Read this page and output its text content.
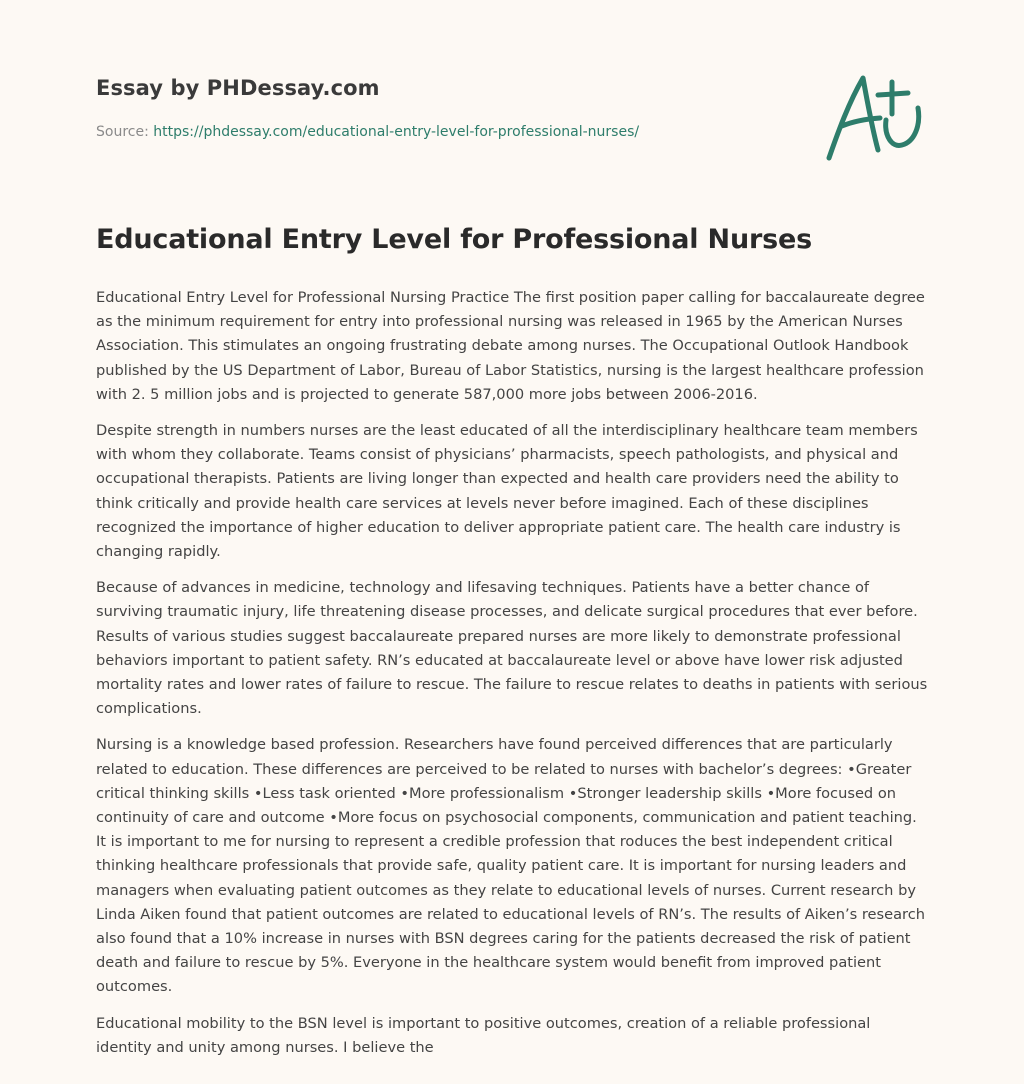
Essay by PHDessay.com
Source: https://phdessay.com/educational-entry-level-for-professional-nurses/
Educational Entry Level for Professional Nurses

Educational Entry Level for Professional Nursing Practice The first position paper calling for baccalaureate degree as the minimum requirement for entry into professional nursing was released in 1965 by the American Nurses Association. This stimulates an ongoing frustrating debate among nurses. The Occupational Outlook Handbook published by the US Department of Labor, Bureau of Labor Statistics, nursing is the largest healthcare profession with 2. 5 million jobs and is projected to generate 587,000 more jobs between 2006-2016.

Despite strength in numbers nurses are the least educated of all the interdisciplinary healthcare team members with whom they collaborate. Teams consist of physicians’ pharmacists, speech pathologists, and physical and occupational therapists. Patients are living longer than expected and health care providers need the ability to think critically and provide health care services at levels never before imagined. Each of these disciplines recognized the importance of higher education to deliver appropriate patient care. The health care industry is changing rapidly.

Because of advances in medicine, technology and lifesaving techniques. Patients have a better chance of surviving traumatic injury, life threatening disease processes, and delicate surgical procedures that ever before. Results of various studies suggest baccalaureate prepared nurses are more likely to demonstrate professional behaviors important to patient safety. RN’s educated at baccalaureate level or above have lower risk adjusted mortality rates and lower rates of failure to rescue. The failure to rescue relates to deaths in patients with serious complications.

Nursing is a knowledge based profession. Researchers have found perceived differences that are particularly related to education. These differences are perceived to be related to nurses with bachelor’s degrees: •Greater critical thinking skills •Less task oriented •More professionalism •Stronger leadership skills •More focused on continuity of care and outcome •More focus on psychosocial components, communication and patient teaching. It is important to me for nursing to represent a credible profession that roduces the best independent critical thinking healthcare professionals that provide safe, quality patient care. It is important for nursing leaders and managers when evaluating patient outcomes as they relate to educational levels of nurses. Current research by Linda Aiken found that patient outcomes are related to educational levels of RN’s. The results of Aiken’s research also found that a 10% increase in nurses with BSN degrees caring for the patients decreased the risk of patient death and failure to rescue by 5%. Everyone in the healthcare system would benefit from improved patient outcomes.

Educational mobility to the BSN level is important to positive outcomes, creation of a reliable professional identity and unity among nurses. I believe the
